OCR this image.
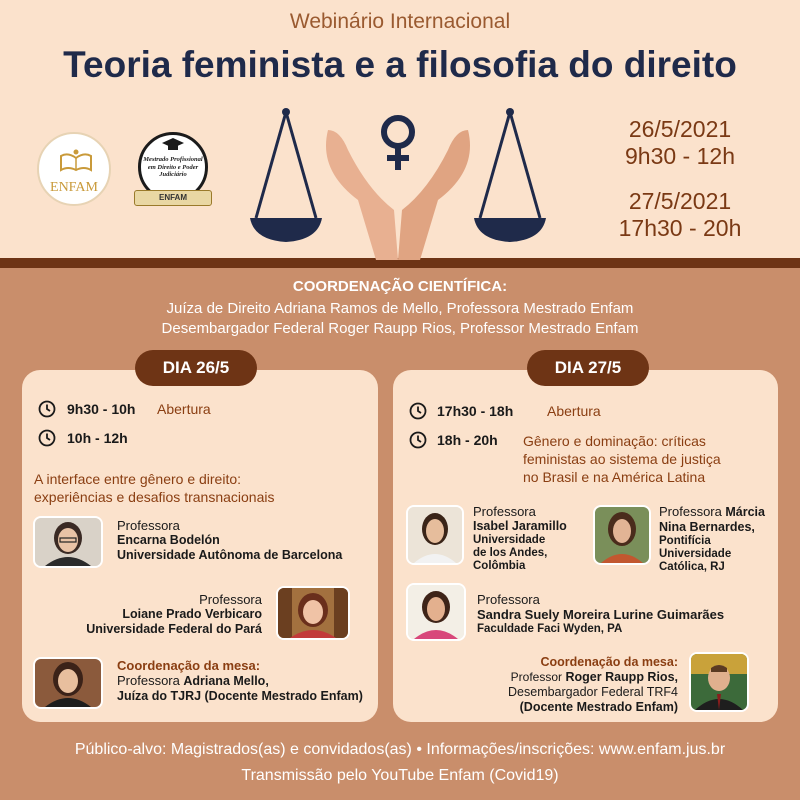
Webinário Internacional
Teoria feminista e a filosofia do direito
ENFAM
Mestrado Profissional em Direito e Poder Judiciário
ENFAM
26/5/2021
9h30 - 12h
27/5/2021
17h30 - 20h
COORDENAÇÃO CIENTÍFICA:
Juíza de Direito Adriana Ramos de Mello, Professora Mestrado Enfam
Desembargador Federal Roger Raupp Rios, Professor Mestrado Enfam
DIA 26/5	DIA 27/5
9h30 - 10h Abertura
10h - 12h
A interface entre gênero e direito:
experiências e desafios transnacionais
Professora
Encarna Bodelón
Universidade Autônoma de Barcelona
Professora
Loiane Prado Verbicaro
Universidade Federal do Pará
Coordenação da mesa:
Professora Adriana Mello,
Juíza do TJRJ (Docente Mestrado Enfam)
17h30 - 18h Abertura
18h - 20h Gênero e dominação: críticas
feministas ao sistema de justiça
no Brasil e na América Latina
Professora
Isabel Jaramillo
Universidade
de los Andes,
Colômbia
Professora Márcia
Nina Bernardes,
Pontifícia
Universidade
Católica, RJ
Professora
Sandra Suely Moreira Lurine Guimarães
Faculdade Faci Wyden, PA
Coordenação da mesa:
Professor Roger Raupp Rios,
Desembargador Federal TRF4
(Docente Mestrado Enfam)
Público-alvo: Magistrados(as) e convidados(as) • Informações/inscrições: www.enfam.jus.br
Transmissão pelo YouTube Enfam (Covid19)
